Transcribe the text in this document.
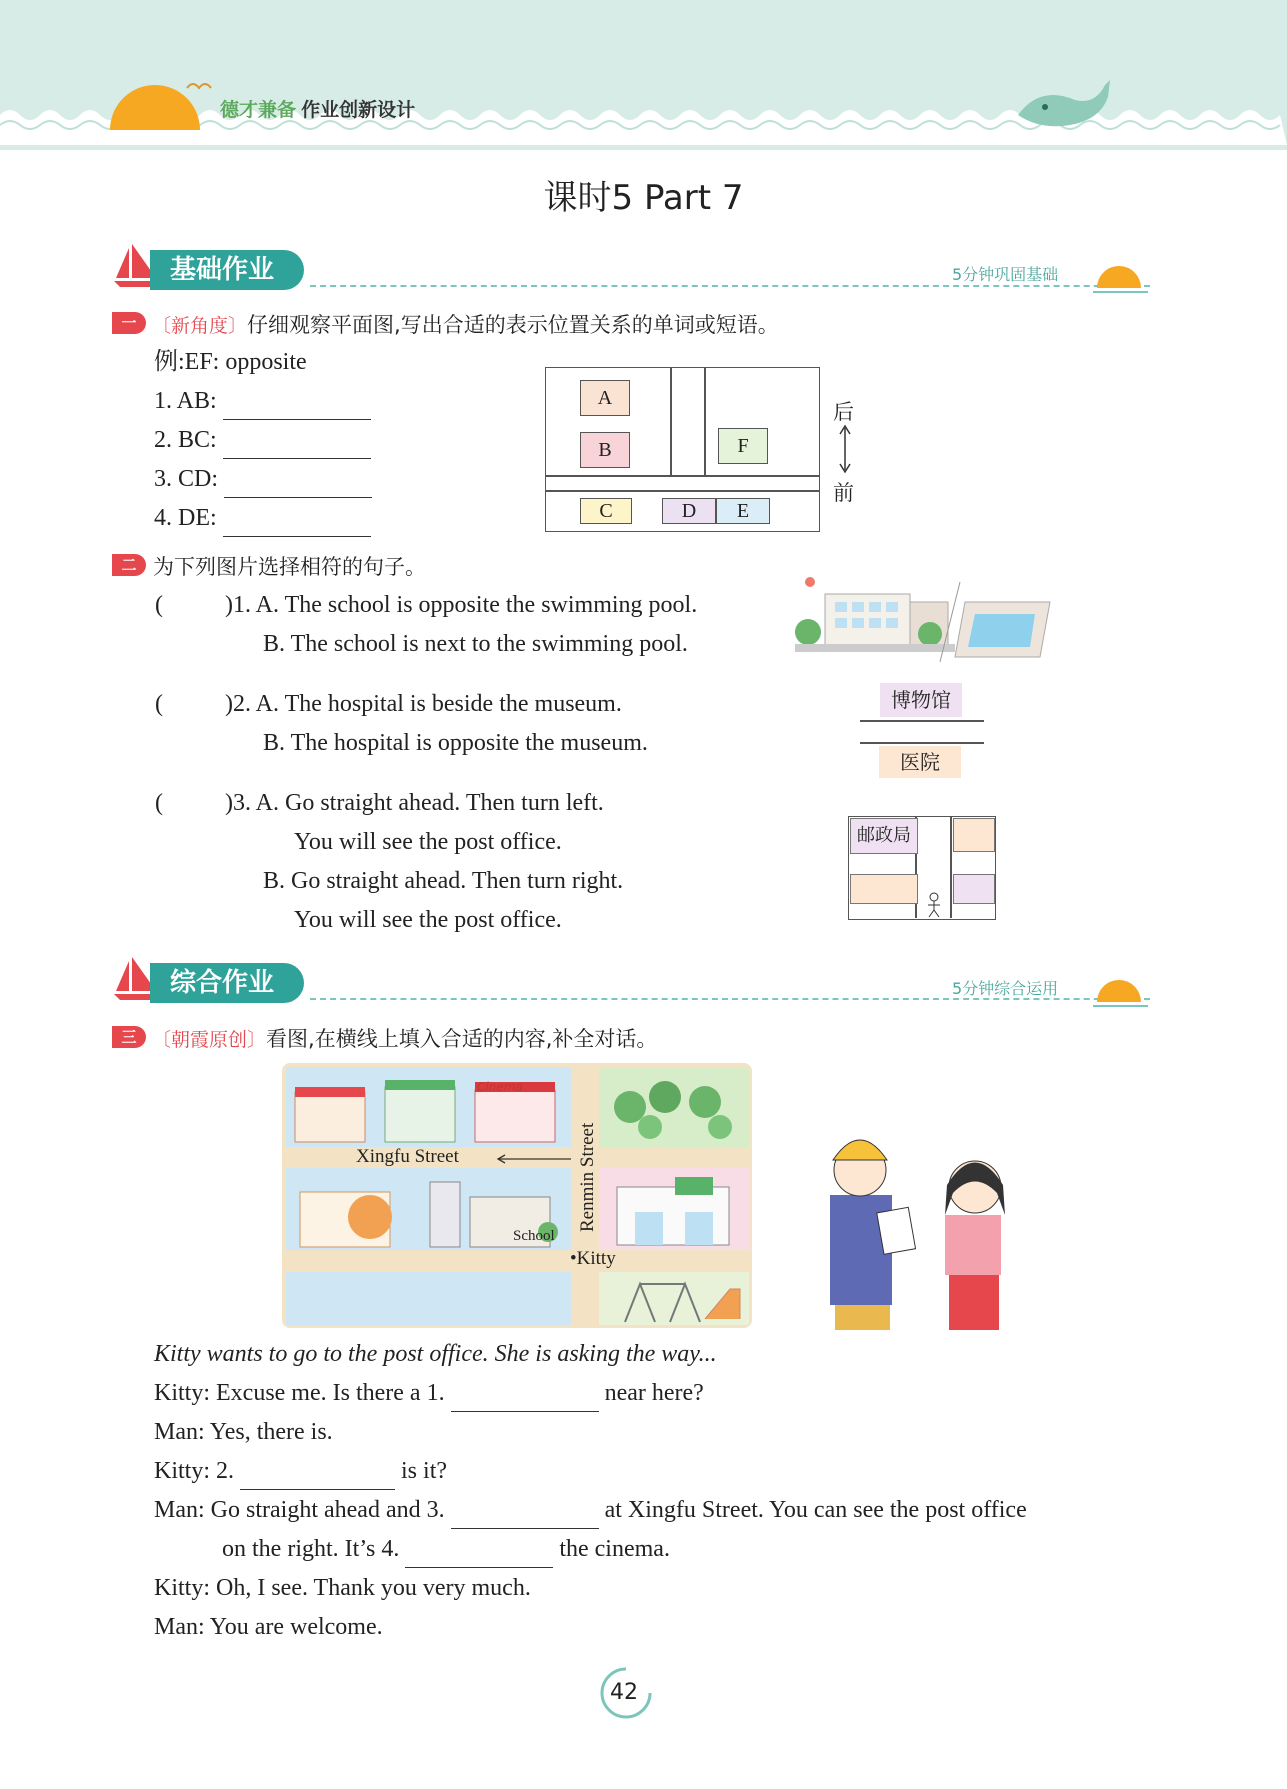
德才兼备 作业创新设计
课时5 Part 7
基础作业	5分钟巩固基础
一 〔新角度〕仔细观察平面图,写出合适的表示位置关系的单词或短语。
例:EF: opposite
1. AB:
2. BC:
3. CD:
4. DE:
A
B	F
C	D	E
后
前
二 为下列图片选择相符的句子。
(	)1. A. The school is opposite the swimming pool.
B. The school is next to the swimming pool.
(	)2. A. The hospital is beside the museum.
B. The hospital is opposite the museum.
(	)3. A. Go straight ahead. Then turn left.
You will see the post office.
B. Go straight ahead. Then turn right.
You will see the post office.
博物馆
医院
邮政局
综合作业	5分钟综合运用
三 〔朝霞原创〕看图,在横线上填入合适的内容,补全对话。
Cinema
Xingfu Street	Renmin Street
School
•Kitty
Kitty wants to go to the post office. She is asking the way...
Kitty: Excuse me. Is there a 1.	near here?
Man: Yes, there is.
Kitty: 2.	is it?
Man: Go straight ahead and 3.	at Xingfu Street. You can see the post office
on the right. It’s 4.	the cinema.
Kitty: Oh, I see. Thank you very much.
Man: You are welcome.
42
